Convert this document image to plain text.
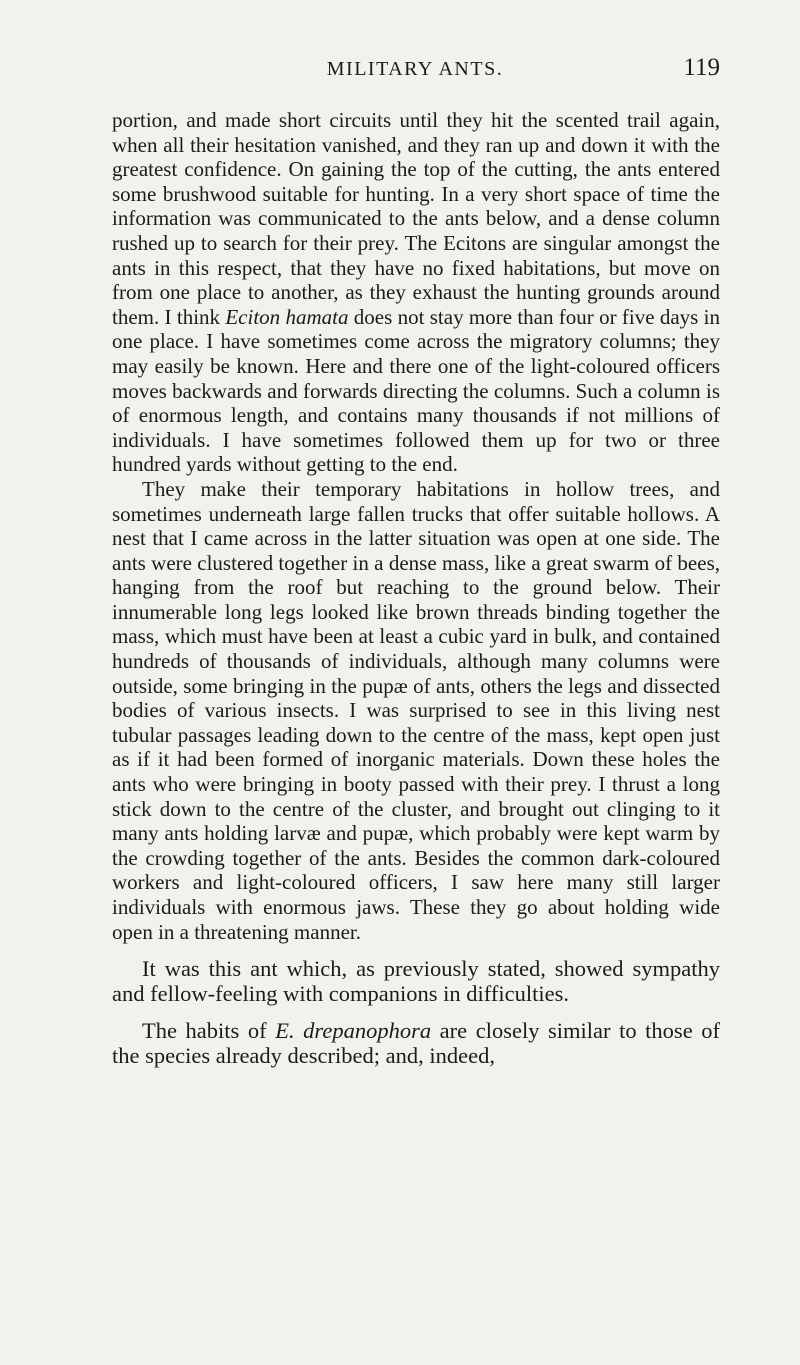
MILITARY ANTS.	119

portion, and made short circuits until they hit the scented trail again, when all their hesitation vanished, and they ran up and down it with the greatest confidence. On gaining the top of the cutting, the ants entered some brushwood suitable for hunting. In a very short space of time the information was communicated to the ants below, and a dense column rushed up to search for their prey. The Ecitons are singular amongst the ants in this respect, that they have no fixed habitations, but move on from one place to another, as they exhaust the hunting grounds around them. I think Eciton hamata does not stay more than four or five days in one place. I have sometimes come across the migratory columns; they may easily be known. Here and there one of the light-coloured officers moves backwards and forwards directing the columns. Such a column is of enormous length, and contains many thousands if not millions of individuals. I have sometimes followed them up for two or three hundred yards without getting to the end.

They make their temporary habitations in hollow trees, and sometimes underneath large fallen trucks that offer suitable hollows. A nest that I came across in the latter situation was open at one side. The ants were clustered together in a dense mass, like a great swarm of bees, hanging from the roof but reaching to the ground below. Their innumerable long legs looked like brown threads binding together the mass, which must have been at least a cubic yard in bulk, and contained hundreds of thousands of individuals, although many columns were outside, some bringing in the pupæ of ants, others the legs and dissected bodies of various insects. I was surprised to see in this living nest tubular passages leading down to the centre of the mass, kept open just as if it had been formed of inorganic materials. Down these holes the ants who were bringing in booty passed with their prey. I thrust a long stick down to the centre of the cluster, and brought out clinging to it many ants holding larvæ and pupæ, which probably were kept warm by the crowding together of the ants. Besides the common dark-coloured workers and light-coloured officers, I saw here many still larger individuals with enormous jaws. These they go about holding wide open in a threatening manner.

It was this ant which, as previously stated, showed sympathy and fellow-feeling with companions in difficulties.

The habits of E. drepanophora are closely similar to those of the species already described; and, indeed,
